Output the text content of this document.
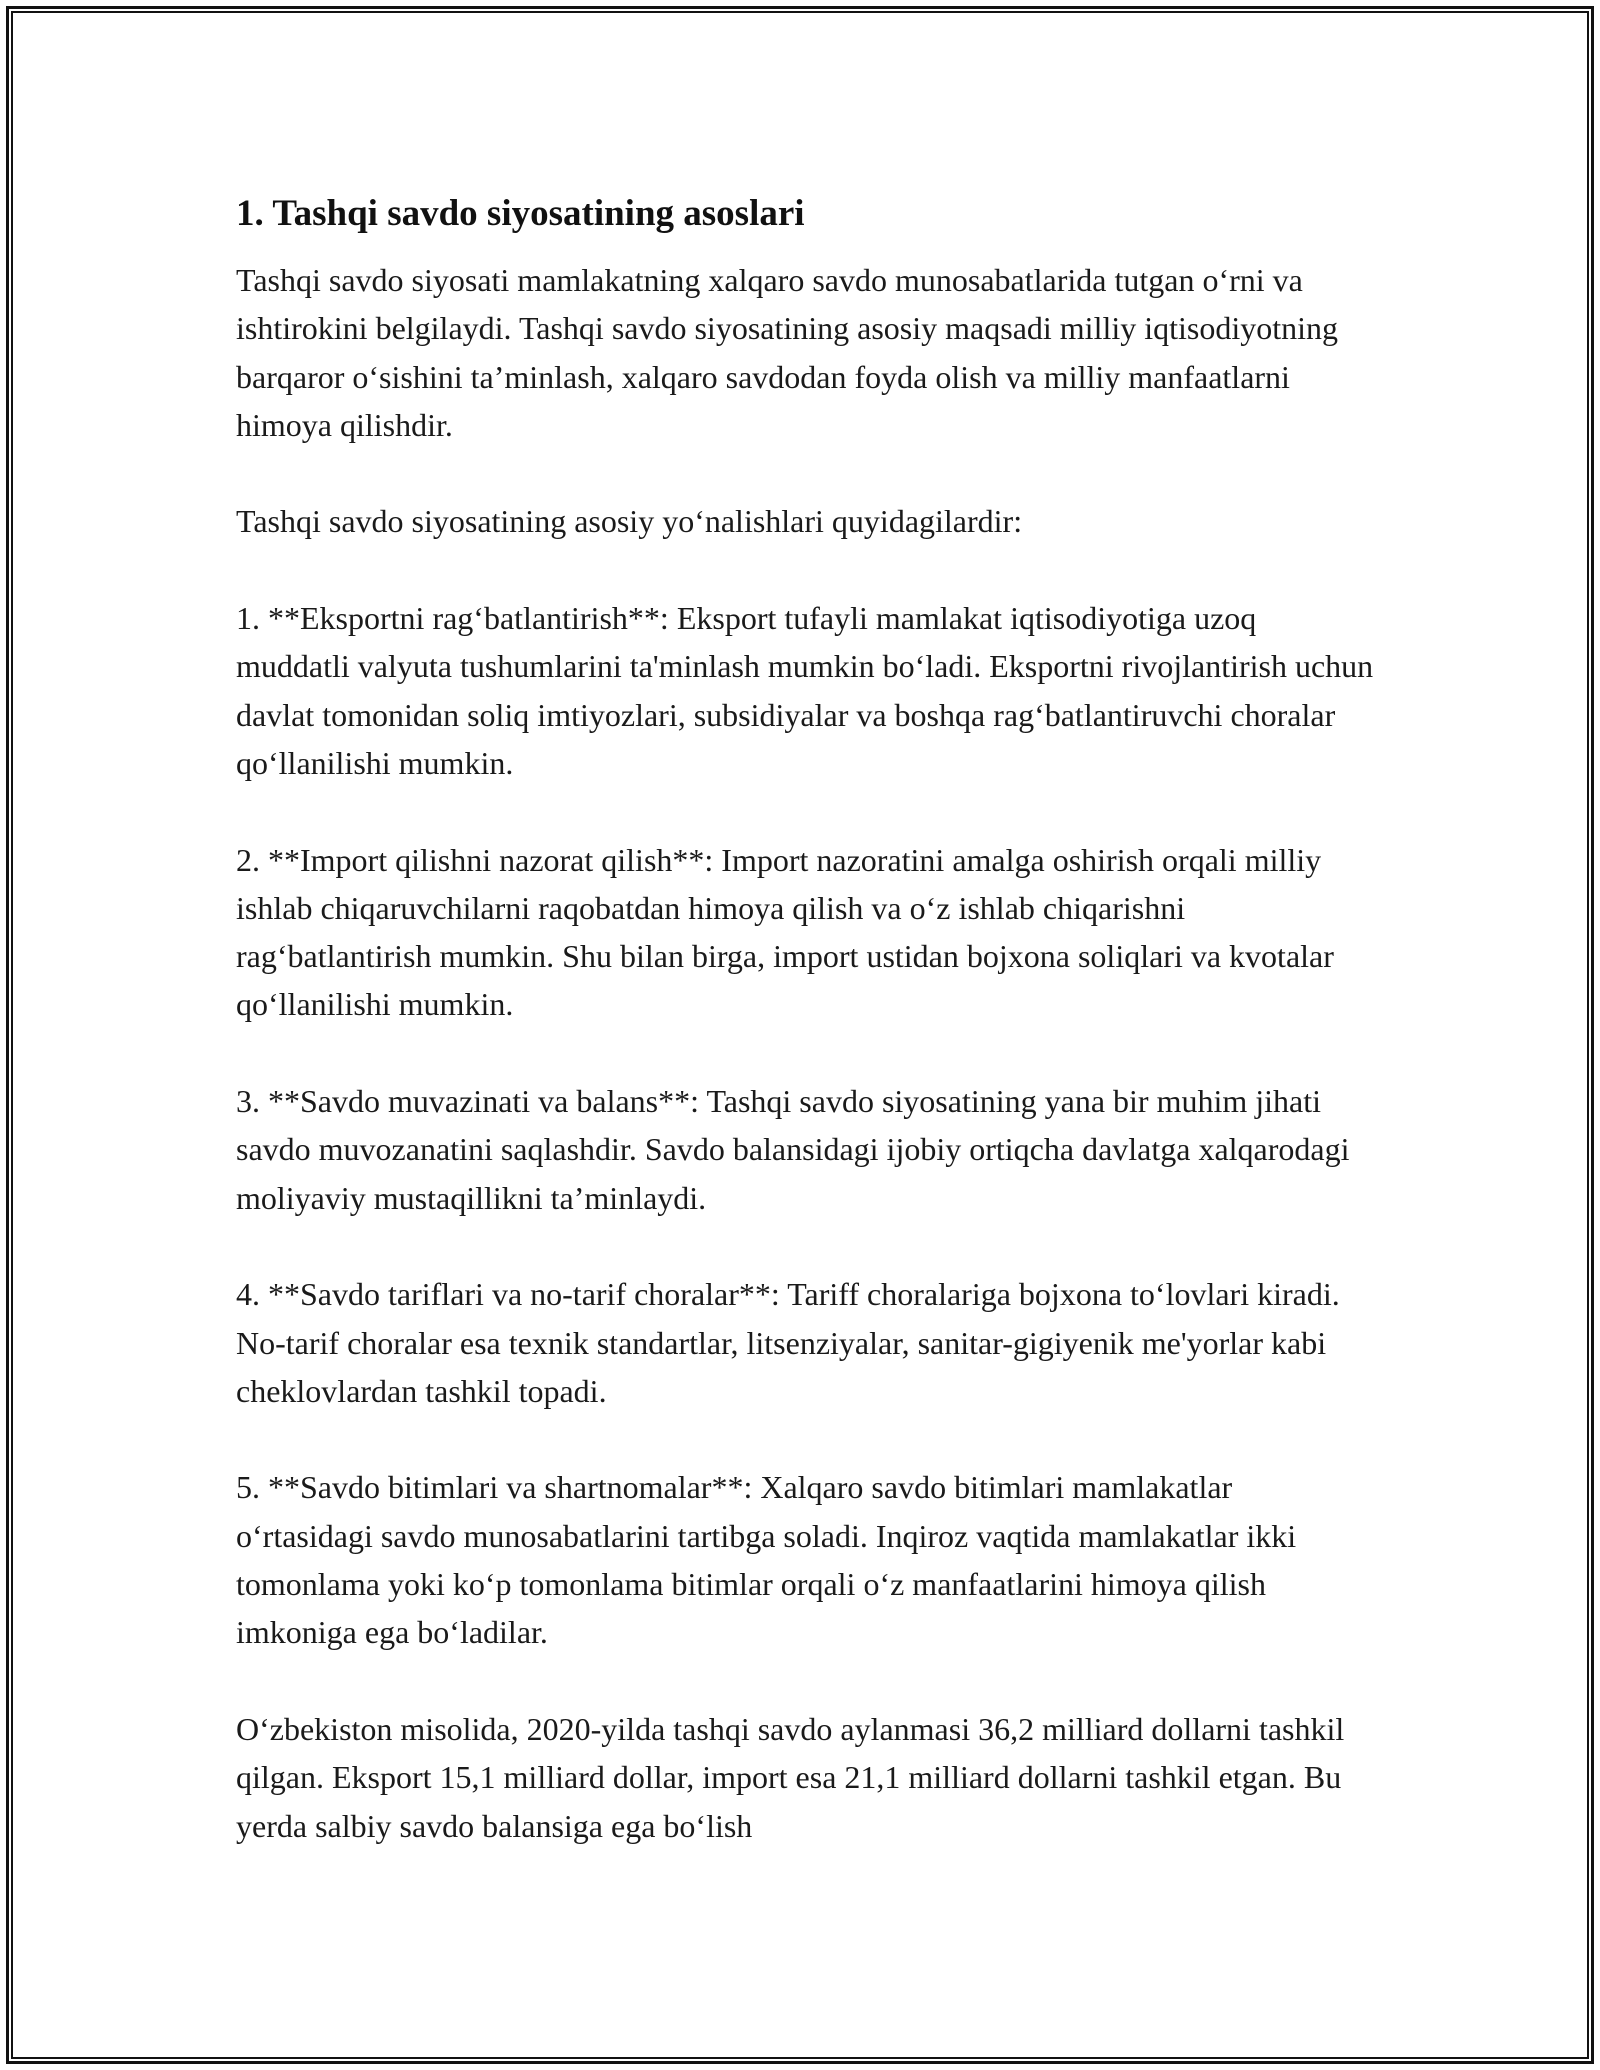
1. Tashqi savdo siyosatining asoslari

Tashqi savdo siyosati mamlakatning xalqaro savdo munosabatlarida tutgan o‘rni va ishtirokini belgilaydi. Tashqi savdo siyosatining asosiy maqsadi milliy iqtisodiyotning barqaror o‘sishini ta’minlash, xalqaro savdodan foyda olish va milliy manfaatlarni himoya qilishdir.

Tashqi savdo siyosatining asosiy yo‘nalishlari quyidagilardir:

1. **Eksportni rag‘batlantirish**: Eksport tufayli mamlakat iqtisodiyotiga uzoq muddatli valyuta tushumlarini ta'minlash mumkin bo‘ladi. Eksportni rivojlantirish uchun davlat tomonidan soliq imtiyozlari, subsidiyalar va boshqa rag‘batlantiruvchi choralar qo‘llanilishi mumkin.

2. **Import qilishni nazorat qilish**: Import nazoratini amalga oshirish orqali milliy ishlab chiqaruvchilarni raqobatdan himoya qilish va o‘z ishlab chiqarishni rag‘batlantirish mumkin. Shu bilan birga, import ustidan bojxona soliqlari va kvotalar qo‘llanilishi mumkin.

3. **Savdo muvazinati va balans**: Tashqi savdo siyosatining yana bir muhim jihati savdo muvozanatini saqlashdir. Savdo balansidagi ijobiy ortiqcha davlatga xalqarodagi moliyaviy mustaqillikni ta’minlaydi.

4. **Savdo tariflari va no-tarif choralar**: Tariff choralariga bojxona to‘lovlari kiradi. No-tarif choralar esa texnik standartlar, litsenziyalar, sanitar-gigiyenik me'yorlar kabi cheklovlardan tashkil topadi.

5. **Savdo bitimlari va shartnomalar**: Xalqaro savdo bitimlari mamlakatlar o‘rtasidagi savdo munosabatlarini tartibga soladi. Inqiroz vaqtida mamlakatlar ikki tomonlama yoki ko‘p tomonlama bitimlar orqali o‘z manfaatlarini himoya qilish imkoniga ega bo‘ladilar.

O‘zbekiston misolida, 2020-yilda tashqi savdo aylanmasi 36,2 milliard dollarni tashkil qilgan. Eksport 15,1 milliard dollar, import esa 21,1 milliard dollarni tashkil etgan. Bu yerda salbiy savdo balansiga ega bo‘lish
